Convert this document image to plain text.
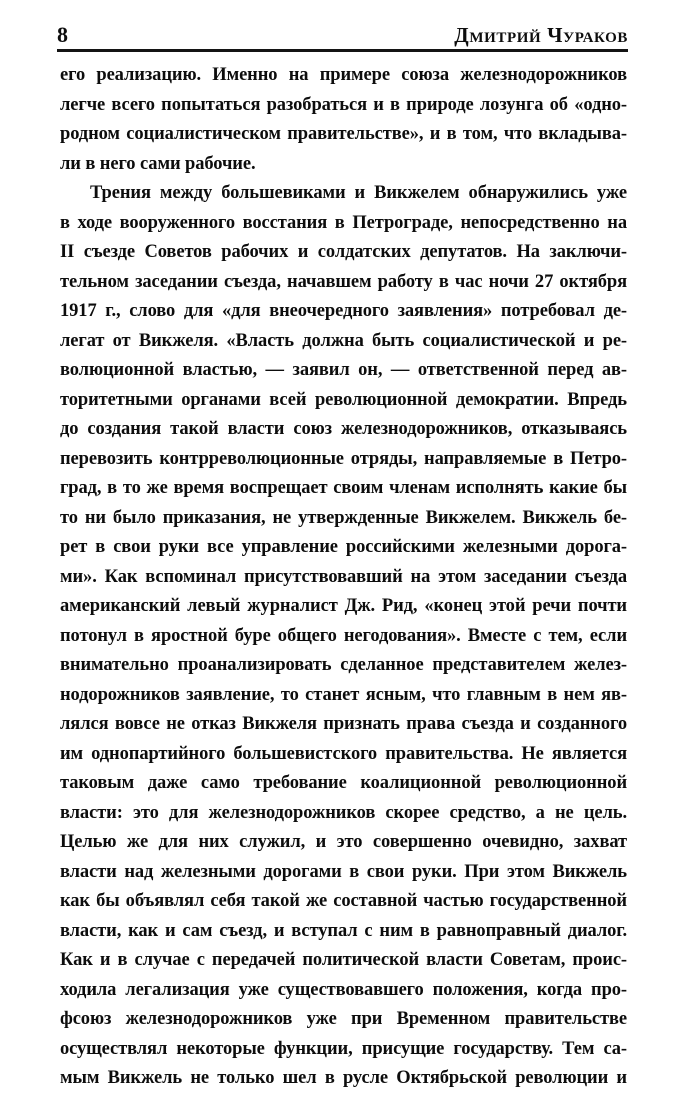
8	Дмитрий Чураков
его реализацию. Именно на примере союза железнодорожников
легче всего попытаться разобраться и в природе лозунга об «одно-
родном социалистическом правительстве», и в том, что вкладыва-
ли в него сами рабочие.
Трения между большевиками и Викжелем обнаружились уже
в ходе вооруженного восстания в Петрограде, непосредственно на
II съезде Советов рабочих и солдатских депутатов. На заключи-
тельном заседании съезда, начавшем работу в час ночи 27 октября
1917 г., слово для «для внеочередного заявления» потребовал де-
легат от Викжеля. «Власть должна быть социалистической и ре-
волюционной властью, — заявил он, — ответственной перед ав-
торитетными органами всей революционной демократии. Впредь
до создания такой власти союз железнодорожников, отказываясь
перевозить контрреволюционные отряды, направляемые в Петро-
град, в то же время воспрещает своим членам исполнять какие бы
то ни было приказания, не утвержденные Викжелем. Викжель бе-
рет в свои руки все управление российскими железными дорога-
ми». Как вспоминал присутствовавший на этом заседании съезда
американский левый журналист Дж. Рид, «конец этой речи почти
потонул в яростной буре общего негодования». Вместе с тем, если
внимательно проанализировать сделанное представителем желез-
нодорожников заявление, то станет ясным, что главным в нем яв-
лялся вовсе не отказ Викжеля признать права съезда и созданного
им однопартийного большевистского правительства. Не является
таковым даже само требование коалиционной революционной
власти: это для железнодорожников скорее средство, а не цель.
Целью же для них служил, и это совершенно очевидно, захват
власти над железными дорогами в свои руки. При этом Викжель
как бы объявлял себя такой же составной частью государственной
власти, как и сам съезд, и вступал с ним в равноправный диалог.
Как и в случае с передачей политической власти Советам, проис-
ходила легализация уже существовавшего положения, когда про-
фсоюз железнодорожников уже при Временном правительстве
осуществлял некоторые функции, присущие государству. Тем са-
мым Викжель не только шел в русле Октябрьской революции и
